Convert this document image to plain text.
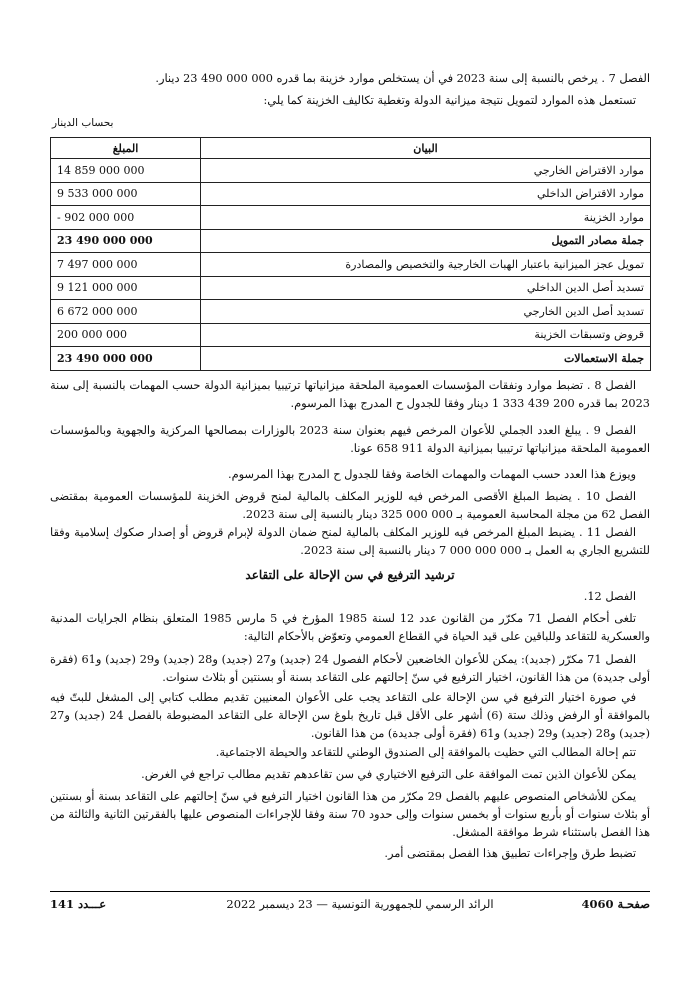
الفصل 7 . يرخص بالنسبة إلى سنة 2023 في أن يستخلص موارد خزينة بما قدره 000 000 490 23 دينار.

تستعمل هذه الموارد لتمويل نتيجة ميزانية الدولة وتغطية تكاليف الخزينة كما يلي:

بحساب الدينار
البيان	المبلغ
موارد الاقتراض الخارجي	14 859 000 000
موارد الاقتراض الداخلي	9 533 000 000
موارد الخزينة	- 902 000 000
جملة مصادر التمويل	23 490 000 000
تمويل عجز الميزانية باعتبار الهبات الخارجية والتخصيص والمصادرة	7 497 000 000
تسديد أصل الدين الداخلي	9 121 000 000
تسديد أصل الدين الخارجي	6 672 000 000
قروض وتسبقات الخزينة	200 000 000
جملة الاستعمالات	23 490 000 000

الفصل 8 . تضبط موارد ونفقات المؤسسات العمومية الملحقة ميزانياتها ترتيبيا بميزانية الدولة حسب المهمات بالنسبة إلى سنة 2023 بما قدره 200 439 333 1 دينار وفقا للجدول ح المدرج بهذا المرسوم.

الفصل 9 . يبلغ العدد الجملي للأعوان المرخص فيهم بعنوان سنة 2023 بالوزارات بمصالحها المركزية والجهوية وبالمؤسسات العمومية الملحقة ميزانياتها ترتيبيا بميزانية الدولة 911 658 عونا.

ويوزع هذا العدد حسب المهمات والمهمات الخاصة وفقا للجدول ح المدرج بهذا المرسوم.

الفصل 10 . يضبط المبلغ الأقصى المرخص فيه للوزير المكلف بالمالية لمنح قروض الخزينة للمؤسسات العمومية بمقتضى الفصل 62 من مجلة المحاسبة العمومية بـ 000 000 325 دينار بالنسبة إلى سنة 2023.

الفصل 11 . يضبط المبلغ المرخص فيه للوزير المكلف بالمالية لمنح ضمان الدولة لإبرام قروض أو إصدار صكوك إسلامية وفقا للتشريع الجاري به العمل بـ 000 000 000 7 دينار بالنسبة إلى سنة 2023.

ترشيد الترفيع في سن الإحالة على التقاعد

الفصل 12.

تلغى أحكام الفصل 71 مكرّر من القانون عدد 12 لسنة 1985 المؤرخ في 5 مارس 1985 المتعلق بنظام الجرايات المدنية والعسكرية للتقاعد وللباقين على قيد الحياة في القطاع العمومي وتعوّض بالأحكام التالية:

الفصل 71 مكرّر (جديد): يمكن للأعوان الخاضعين لأحكام الفصول 24 (جديد) و27 (جديد) و28 (جديد) و29 (جديد) و61 (فقرة أولى جديدة) من هذا القانون، اختيار الترفيع في سنّ إحالتهم على التقاعد بسنة أو بسنتين أو بثلاث سنوات.

في صورة اختيار الترفيع في سن الإحالة على التقاعد يجب على الأعوان المعنيين تقديم مطلب كتابي إلى المشغل للبتّ فيه بالموافقة أو الرفض وذلك ستة (6) أشهر على الأقل قبل تاريخ بلوغ سن الإحالة على التقاعد المضبوطة بالفصل 24 (جديد) و27 (جديد) و28 (جديد) و29 (جديد) و61 (فقرة أولى جديدة) من هذا القانون.

تتم إحالة المطالب التي حظيت بالموافقة إلى الصندوق الوطني للتقاعد والحيطة الاجتماعية.

يمكن للأعوان الذين تمت الموافقة على الترفيع الاختياري في سن تقاعدهم تقديم مطالب تراجع في الغرض.

يمكن للأشخاص المنصوص عليهم بالفصل 29 مكرّر من هذا القانون اختيار الترفيع في سنّ إحالتهم على التقاعد بسنة أو بسنتين أو بثلاث سنوات أو بأربع سنوات أو بخمس سنوات وإلى حدود 70 سنة وفقا للإجراءات المنصوص عليها بالفقرتين الثانية والثالثة من هذا الفصل باستثناء شرط موافقة المشغل.

تضبط طرق وإجراءات تطبيق هذا الفصل بمقتضى أمر.

صفحـة 4060
الرائد الرسمي للجمهورية التونسية — 23 ديسمبر 2022
عـــدد 141
